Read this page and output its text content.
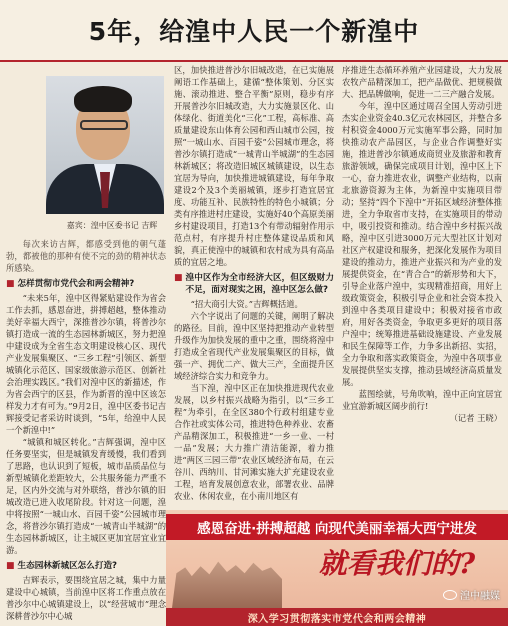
5年，给湟中人民一个新湟中
嘉宾：湟中区委书记 吉辉

每次来访吉辉，都感受到他的朝气蓬勃，都被他的那种有使不完的劲的精神状态所感染。

■ 怎样贯彻市党代会和两会精神?

“未来5年，湟中区得紧贴建设作为省会工作去抓，感恩奋进，拼搏超越，整体推动美好幸福大西宁，深推普沙尔镇，将普沙尔镇打造成一流的生态园林新城区，努力把湟中建设成为全省生态文明建设核心区、现代产业发展集聚区、“三乡工程”引领区、新型城镇化示范区、国家级旅游示范区、创新社会治理实践区。”我们对湟中区的新描述，作为省会西宁的区县，作为新晋的湟中区该怎样发力才有可为。”9月2日，湟中区委书记吉辉接受记者采访时谈到，“5年，给湟中人民一个新湟中!”

“城镇和城区转化。”吉辉强调，湟中区任务要坚实，但是城镇发育缓慢，我们看到了思路，也认识到了短板，城市品质品位与新型城镇化差距较大，公共服务能力严重不足，区内外交流与对外联络，普沙尔镇的旧城改造已进入收尾阶段。针对这一问题，湟中将按照“一城山水、百园千姿”公园城市理念，将普沙尔镇打造成“一城青山半城湖”的生态园林新城区，让主城区更加宜居宜业宜游。

■ 生态园林新城区怎么打造?

吉辉表示，要围绕宜居之城，集中力量建设中心城镇，当前湟中区将工作重点放在普沙尔中心城镇建设上，以“经营城市”理念深耕普沙尔中心城

区，加快推进普沙尔旧城改造，在已实施展阐语工作基础上，建循“整体策划、分区实施、滚动推进、整合平衡”原则，稳步有序开展普沙尔旧城改造，大力实施景区化、山体绿化、街道美化“三化”工程，高标准、高质量建设东山体育公园和西山城市公园，按照“一城山水、百园千姿”公园城市理念，将普沙尔镇打造成“一城青山半城湖”的生态园林新城区；将改造旧城区城镇建设，以生态宜居为导向，加快推进城镇建设，每年争取建设2个及3个美丽城镇，逐步打造宜居宜度、功能互补、民族特性的特色小城镇；分类有序推进村庄建设，实施好40个高原美丽乡村建设项目，打造13个有带动辐射作用示范点村，有序提升村庄整体建设品质和风貌，真正使湟中的城镇和农村成为具有高品质的宜居之地。

■ 湟中区作为全市经济大区，但区级财力不足，面对现实之困，湟中区怎么做?

“招大商引大资。”吉辉概括道。

六个字说出了问题的关键，阐明了解决的路径。目前，湟中区坚持把推动产业转型升级作为加快发展的重中之重，围绕将湟中打造成全省现代产业发展集聚区的目标，做强一产、拥优二产、做大三产，全面提升区域经济综合实力和竞争力。

当下湟，湟中区正在加快推进现代农业发展，以乡村振兴战略为指引，以“三乡工程”为牵引，在全区380个行政村组建专业合作社或实体公司，推进特色种养业、农畜产品精深加工，积极推进“一乡一业、一村一品”发展；大力推广清洁能源，着力推进“两区三园三带”农业区域经济布局，在云谷川、西纳川、甘河滩实施大扩充建设农业工程，培育发展创意农业，部署农业、品牌农业、休闲农业，在小南川地区有

序推进生态循环养殖产业园建设，大力发展农牧产品精深加工，把产品做优、把规模做大、把品牌做响，促进一二三产融合发展。

今年，湟中区通过周召全国人劳动引进杰实企业资金40.3亿元农林园区，并整合多村积资金4000万元实施军事公路，同时加快推动农产品园区，与企业合作调整好实施，推进普沙尔镇通成商贸业及旅游和教育旅游领域，确保完成项目计划，湟中区上下一心，奋力推进农业，调整产业结构，以南北旅游资源为主体，为新湟中实施项目带动；坚持“四个下湟中”开拓区域经济整体推进，全力争取省市支持，在实施项目的带动中，吸引投资和推动。结合湟中乡村振兴战略，湟中区引进3000万元大型社区计划对社区产权建设和服务，把深化发展作为项目建设的推动力，推进产业振兴和为产业的发展提供资金，在“青合合”的新形势和大下，引导企业落户湟中，实现精准招商，用好上级政策资金，积极引导企业和社会资本投入到湟中各类项目建设中；积极对接省市政府，用好各类资金，争取更多更好的项目落户湟中；统筹推进基础设施建设、产业发展和民生保障等工作，力争多出新招、实招，全力争取和落实政策资金，为湟中各项事业发展提供坚实支撑，推动县域经济高质量发展。

蓝图绘就，号角吹响，湟中正向宜居宜业宜游新城区阔步前行!

（记者 王晓）

感恩奋进·拼搏超越 向现代美丽幸福大西宁进发
就看我们的?
深入学习贯彻落实市党代会和两会精神
湟中融媒
